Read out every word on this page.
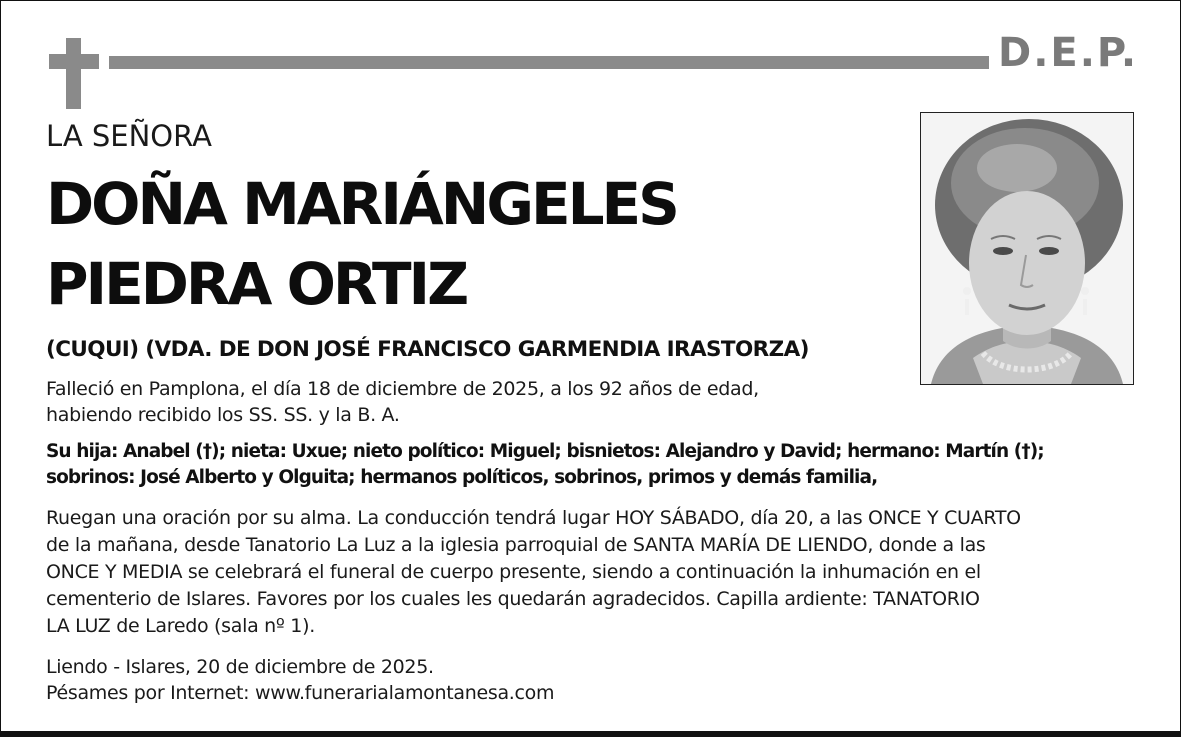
D.E.P.
LA SEÑORA
DOÑA MARIÁNGELES
PIEDRA ORTIZ
(CUQUI) (VDA. DE DON JOSÉ FRANCISCO GARMENDIA IRASTORZA)
Falleció en Pamplona, el día 18 de diciembre de 2025, a los 92 años de edad,
habiendo recibido los SS. SS. y la B. A.
Su hija: Anabel (†); nieta: Uxue; nieto político: Miguel; bisnietos: Alejandro y David; hermano: Martín (†);
sobrinos: José Alberto y Olguita; hermanos políticos, sobrinos, primos y demás familia,
Ruegan una oración por su alma. La conducción tendrá lugar HOY SÁBADO, día 20, a las ONCE Y CUARTO
de la mañana, desde Tanatorio La Luz a la iglesia parroquial de SANTA MARÍA DE LIENDO, donde a las
ONCE Y MEDIA se celebrará el funeral de cuerpo presente, siendo a continuación la inhumación en el
cementerio de Islares. Favores por los cuales les quedarán agradecidos. Capilla ardiente: TANATORIO
LA LUZ de Laredo (sala nº 1).
Liendo - Islares, 20 de diciembre de 2025.
Pésames por Internet: www.funerarialamontanesa.com
